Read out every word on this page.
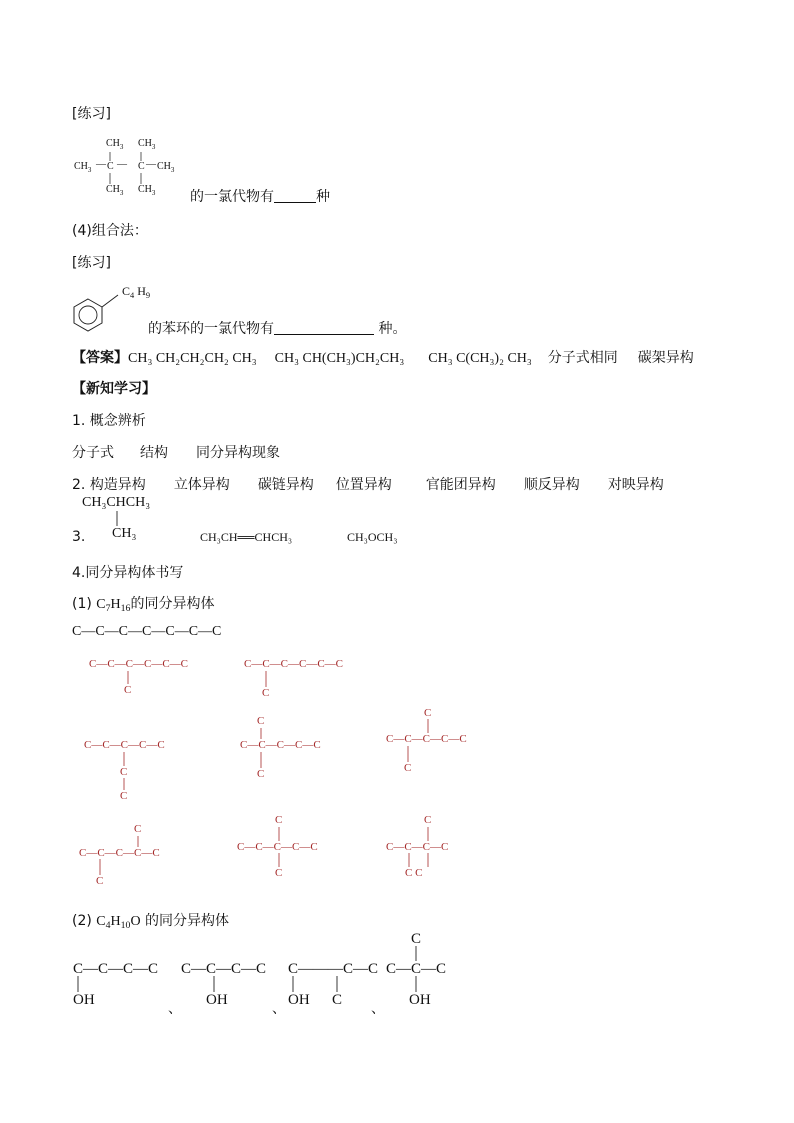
[练习]
$CH_3$ $CH_3$
$CH_3$ — C — C — $CH_3$
$CH_3$ $CH_3$ 的一氯代物有	种
(4)组合法：
[练习]
$C_4$ $H_9$
的苯环的一氯代物有	种。
【答案】CH₃ CH₂CH₂CH₂ CH₃ CH₃ CH(CH₃)CH₂CH₃ CH₃ C(CH₃)₂ CH₃ 分子式相同 碳架异构
【新知学习】
1. 概念辨析
分子式 结构 同分异构现象
2. 构造异构 立体异构 碳链异构 位置异构 官能团异构 顺反异构 对映异构
3.
CH₃CHCH₃
CH₃	CH₃CH══CHCH₃	CH₃OCH₃
4.同分异构体书写
(1) $C_7H_{16}$的同分异构体
C—C—C—C—C—C—C
C—C—C—C—C—C
C
C—C—C—C—C—C
C
C—C—C—C—C
C
C
C
C—C—C—C—C
C
C
C—C—C—C—C
C
C
C—C—C—C—C
C
C
C—C—C—C—C
C
C
C—C—C—C
C C
(2) $C_4H_{10}O$ 的同分异构体
C—C—C—C
OH
、
C—C—C—C
OH
、
C———C—C
OH C
、
C
C—C—C
OH
